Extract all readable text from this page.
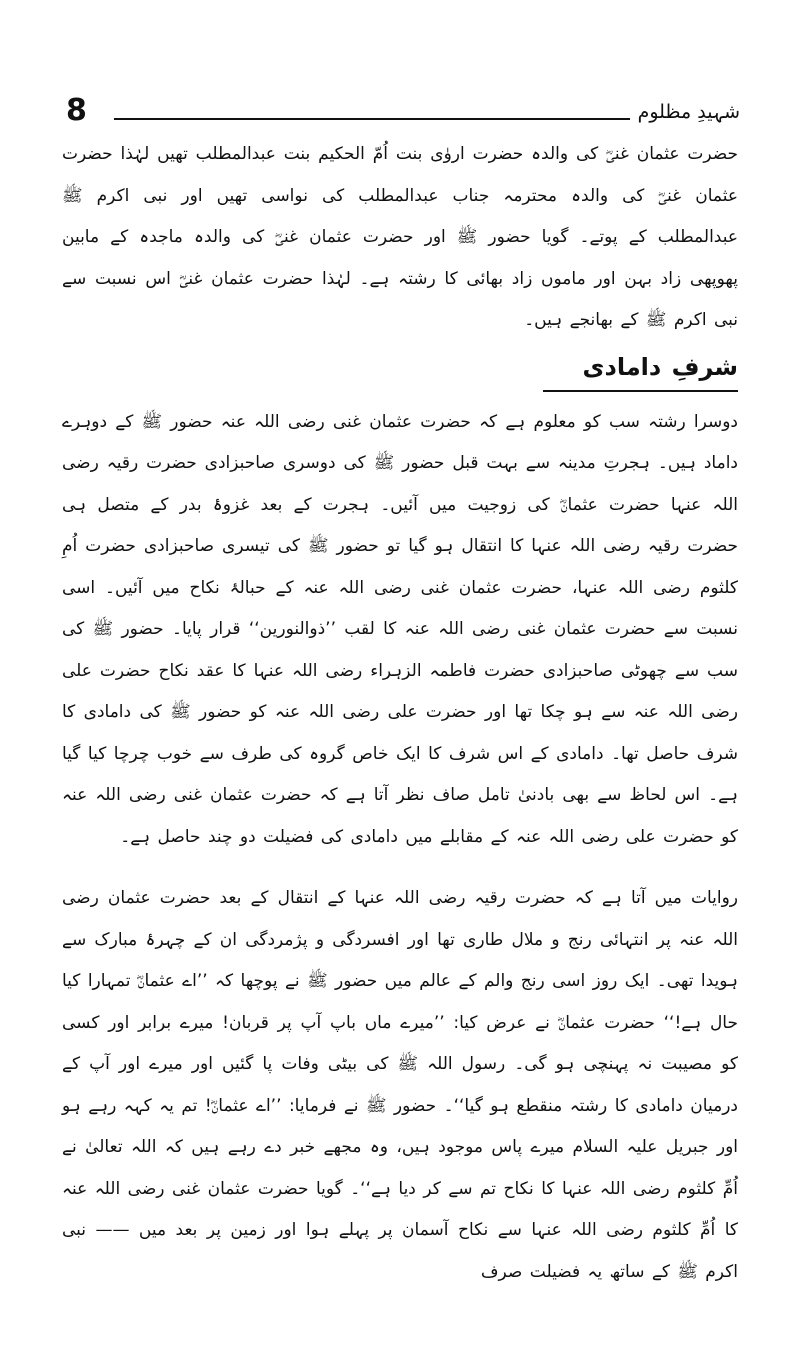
8	شہیدِ مظلوم

حضرت عثمان غنیؓ کی والدہ حضرت اروٰی بنت اُمّ الحکیم بنت عبدالمطلب تھیں لہٰذا حضرت عثمان غنیؓ کی والدہ محترمہ جناب عبدالمطلب کی نواسی تھیں اور نبی اکرم ﷺ عبدالمطلب کے پوتے۔ گویا حضور ﷺ اور حضرت عثمان غنیؓ کی والدہ ماجدہ کے مابین پھوپھی زاد بہن اور ماموں زاد بھائی کا رشتہ ہے۔ لہٰذا حضرت عثمان غنیؓ اس نسبت سے نبی اکرم ﷺ کے بھانجے ہیں۔

شرفِ دامادی

دوسرا رشتہ سب کو معلوم ہے کہ حضرت عثمان غنی رضی اللہ عنہ حضور ﷺ کے دوہرے داماد ہیں۔ ہجرتِ مدینہ سے بہت قبل حضور ﷺ کی دوسری صاحبزادی حضرت رقیہ رضی اللہ عنہا حضرت عثمانؓ کی زوجیت میں آئیں۔ ہجرت کے بعد غزوۂ بدر کے متصل ہی حضرت رقیہ رضی اللہ عنہا کا انتقال ہو گیا تو حضور ﷺ کی تیسری صاحبزادی حضرت اُمِ کلثوم رضی اللہ عنہا، حضرت عثمان غنی رضی اللہ عنہ کے حبالۂ نکاح میں آئیں۔ اسی نسبت سے حضرت عثمان غنی رضی اللہ عنہ کا لقب ’’ذوالنورین‘‘ قرار پایا۔ حضور ﷺ کی سب سے چھوٹی صاحبزادی حضرت فاطمہ الزہراء رضی اللہ عنہا کا عقد نکاح حضرت علی رضی اللہ عنہ سے ہو چکا تھا اور حضرت علی رضی اللہ عنہ کو حضور ﷺ کی دامادی کا شرف حاصل تھا۔ دامادی کے اس شرف کا ایک خاص گروہ کی طرف سے خوب چرچا کیا گیا ہے۔ اس لحاظ سے بھی بادنیٰ تامل صاف نظر آتا ہے کہ حضرت عثمان غنی رضی اللہ عنہ کو حضرت علی رضی اللہ عنہ کے مقابلے میں دامادی کی فضیلت دو چند حاصل ہے۔

روایات میں آتا ہے کہ حضرت رقیہ رضی اللہ عنہا کے انتقال کے بعد حضرت عثمان رضی اللہ عنہ پر انتہائی رنج و ملال طاری تھا اور افسردگی و پژمردگی ان کے چہرۂ مبارک سے ہویدا تھی۔ ایک روز اسی رنج والم کے عالم میں حضور ﷺ نے پوچھا کہ ’’اے عثمانؓ تمہارا کیا حال ہے!‘‘ حضرت عثمانؓ نے عرض کیا: ’’میرے ماں باپ آپ پر قربان! میرے برابر اور کسی کو مصیبت نہ پہنچی ہو گی۔ رسول اللہ ﷺ کی بیٹی وفات پا گئیں اور میرے اور آپ کے درمیان دامادی کا رشتہ منقطع ہو گیا‘‘۔ حضور ﷺ نے فرمایا: ’’اے عثمانؓ! تم یہ کہہ رہے ہو اور جبریل علیہ السلام میرے پاس موجود ہیں، وہ مجھے خبر دے رہے ہیں کہ اللہ تعالیٰ نے اُمِّ کلثوم رضی اللہ عنہا کا نکاح تم سے کر دیا ہے‘‘۔ گویا حضرت عثمان غنی رضی اللہ عنہ کا اُمِّ کلثوم رضی اللہ عنہا سے نکاح آسمان پر پہلے ہوا اور زمین پر بعد میں —— نبی اکرم ﷺ کے ساتھ یہ فضیلت صرف
